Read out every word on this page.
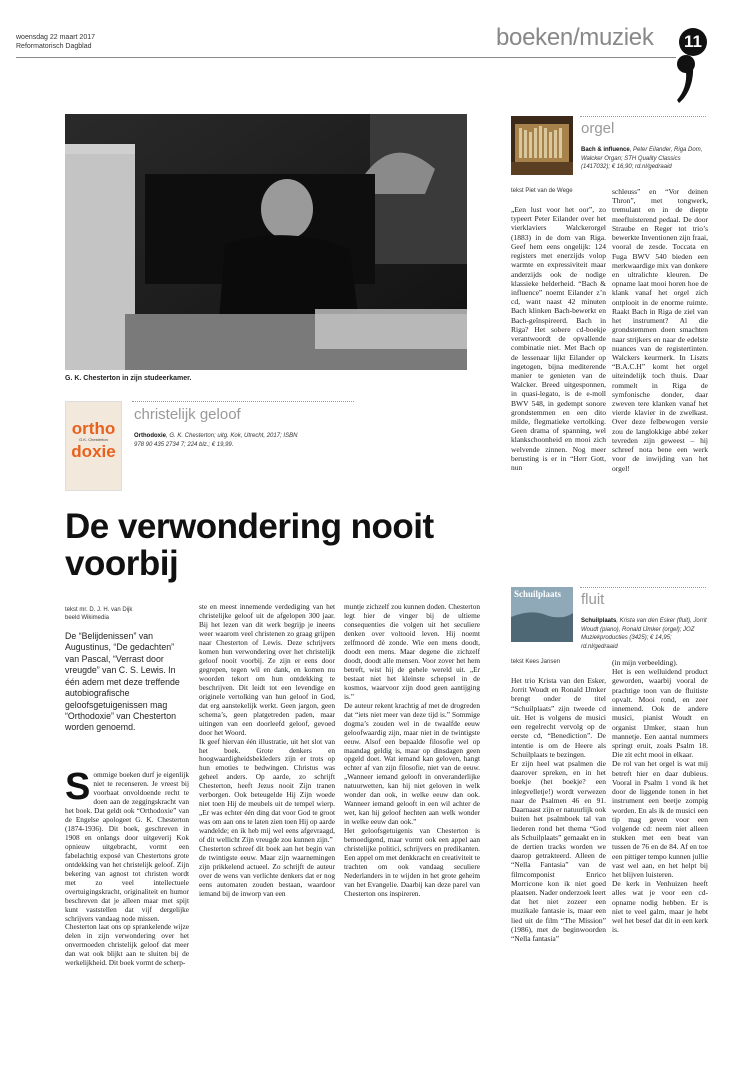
woensdag 22 maart 2017
Reformatorisch Dagblad	boeken/muziek 11
G. K. Chesterton in zijn studeerkamer.
ortho
G.K. Chesterton
doxie
christelijk geloof
Orthodoxie, G. K. Chesterton; uitg. Kok, Utrecht, 2017; ISBN 978 90 435 2734 7; 224 blz.; € 19,99.
De verwondering nooit voorbij
tekst mr. D. J. H. van Dijk
beeld Wikimedia
De “Belijdenissen” van Augustinus, “De gedachten” van Pascal, “Verrast door vreugde” van C. S. Lewis. In één adem met deze treffende autobiografische geloofsgetuigenissen mag “Orthodoxie” van Chesterton worden genoemd.
Sommige boeken durf je eigenlijk niet te recenseren. Je vreest bij voorbaat onvoldoende recht te doen aan de zeggingskracht van het boek. Dat geldt ook “Orthodoxie” van de Engelse apologeet G. K. Chesterton (1874-1936). Dit boek, geschreven in 1908 en onlangs door uitgeverij Kok opnieuw uitgebracht, vormt een fabelachtig exposé van Chestertons grote ontdekking van het christelijk geloof. Zijn bekering van agnost tot christen wordt met zo veel intellectuele overtuigingskracht, originaliteit en humor beschreven dat je alleen maar met spijt kunt vaststellen dat vijf dergelijke schrijvers vandaag node missen.
Chesterton laat ons op sprankelende wijze delen in zijn verwondering over het onvermoeden christelijk geloof dat meer dan wat ook blijkt aan te sluiten bij de werkelijkheid. Dit boek vormt de scherp-
ste en meest innemende verdediging van het christelijke geloof uit de afgelopen 300 jaar. Bij het lezen van dit werk begrijp je ineens weer waarom veel christenen zo graag grijpen naar Chesterton of Lewis. Deze schrijvers komen hun verwondering over het christelijk geloof nooit voorbij. Ze zijn er eens door gegrepen, tegen wil en dank, en komen nu woorden tekort om hun ontdekking te beschrijven. Dit leidt tot een levendige en originele vertolking van hun geloof in God, dat erg aanstekelijk werkt. Geen jargon, geen schema’s, geen platgetreden paden, maar uitingen van een doorleefd geloof, gevoed door het Woord.
Ik geef hiervan één illustratie, uit het slot van het boek. Grote denkers en hoogwaardigheidsbekleders zijn er trots op hun emoties te bedwingen. Christus was geheel anders. Op aarde, zo schrijft Chesterton, heeft Jezus nooit Zijn tranen verborgen. Ook beteugelde Hij Zijn woede niet toen Hij de meubels uit de tempel wierp. „Er was echter één ding dat voor God te groot was om aan ons te laten zien toen Hij op aarde wandelde; en ik heb mij wel eens afgevraagd, of dit wellicht Zijn vreugde zou kunnen zijn.”
Chesterton schreef dit boek aan het begin van de twintigste eeuw. Maar zijn waarnemingen zijn prikkelend actueel. Zo schrijft de auteur over de wens van verlichte denkers dat er nog eens automaten zouden bestaan, waardoor iemand bij de inworp van een
muntje zichzelf zou kunnen doden. Chesterton legt hier de vinger bij de ultieme consequenties die volgen uit het seculiere denken over voltooid leven. Hij noemt zelfmoord dé zonde. Wie een mens doodt, doodt een mens. Maar degene die zichzelf doodt, doodt alle mensen. Voor zover het hem betreft, wist hij de gehele wereld uit. „Er bestaat niet het kleinste schepsel in de kosmos, waarvoor zijn dood geen aantijging is.”
De auteur rekent krachtig af met de drogreden dat “iets niet meer van deze tijd is.” Sommige dogma’s zouden wel in de twaalfde eeuw geloofwaardig zijn, maar niet in de twintigste eeuw. Alsof een bepaalde filosofie wel op maandag geldig is, maar op dinsdagen geen opgeld doet. Wat iemand kan geloven, hangt echter af van zijn filosofie, niet van de eeuw. „Wanneer iemand gelooft in onveranderlijke natuurwetten, kan hij niet geloven in welk wonder dan ook, in welke eeuw dan ook. Wanneer iemand gelooft in een wil achter de wet, kan hij geloof hechten aan welk wonder in welke eeuw dan ook.”
Het geloofsgetuigenis van Chesterton is bemoedigend, maar vormt ook een appel aan christelijke politici, schrijvers en predikanten. Een appel om met denkkracht en creativiteit te trachten om ook vandaag seculiere Nederlanders in te wijden in het grote geheim van het Evangelie. Daarbij kan deze parel van Chesterton ons inspireren.
orgel
Bach & influence, Peter Eilander, Riga Dom, Walcker Organ; STH Quality Classics (1417032); € 16,90; rd.nl/gedraaid
tekst Piet van de Wege
„Een lust voor het oor”, zo typeert Peter Eilander over het vierklaviers Walckerorgel (1883) in de dom van Riga. Geef hem eens ongelijk: 124 registers met enerzijds volop warmte en expressiviteit maar anderzijds ook de nodige klassieke helderheid. “Bach & influence” noemt Eilander z’n cd, want naast 42 minuten Bach klinken Bach-bewerkt en Bach-geïnspireerd. Bach in Riga? Het sobere cd-boekje verantwoordt de opvallende combinatie niet. Met Bach op de lessenaar lijkt Eilander op ingetogen, bijna mediterende manier te genieten van de Walcker. Breed uitgesponnen, in quasi-legato, is de e-moll BWV 548, in gedempt sonore grondstemmen en een dito milde, flegmatieke vertolking. Geen drama of spanning, wel klankschoonheid en mooi zich welvende zinnen. Nog meer berusting is er in “Herr Gott, nun
schleuss” en “Vor deinen Thron”, met tongwerk, tremulant en in de diepte meefluisterend pedaal. De door Straube en Reger tot trio’s bewerkte Inventionen zijn fraai, vooral de zesde. Toccata en Fuga BWV 540 bieden een merkwaardige mix van donkere en ultralichte kleuren. De opname laat mooi horen hoe de klank vanaf het orgel zich ontplooit in de enorme ruimte. Raakt Bach in Riga de ziel van het instrument? Al die grondstemmen doen smachten naar strijkers en naar de edelste nuances van de registertinten. Walckers keurmerk. In Liszts “B.A.C.H” komt het orgel uiteindelijk toch thuis. Daar rommelt in Riga de symfonische donder, daar zweven tere klanken vanaf het vierde klavier in de zwelkast. Over deze felbewogen versie zou de langlokkige abbé zeker tevreden zijn geweest – hij schreef nota bene een werk voor de inwijding van het orgel!
Schuilplaats fluit
Schuilplaats, Krista van den Esker (fluit), Jorrit Woudt (piano), Ronald IJmker (orgel); JOZ Muziekproducties (3425); € 14,95; rd.nl/gedraaid
tekst Kees Jansen
Het trio Krista van den Esker, Jorrit Woudt en Ronald IJmker brengt onder de titel “Schuilplaats” zijn tweede cd uit. Het is volgens de musici een regelrecht vervolg op de eerste cd, “Benediction”. De intentie is om de Heere als Schuilplaats te bezingen.
Er zijn heel wat psalmen die daarover spreken, en in het boekje (het boekje? een inlegvelletje!) wordt verwezen naar de Psalmen 46 en 91. Daarnaast zijn er natuurlijk ook buiten het psalmboek tal van liederen rond het thema “God als Schuilplaats” gemaakt en in de dertien tracks worden we daarop getrakteerd. Alleen de “Nella Fantasia” van de filmcomponist Enrico Morricone kon ik niet goed plaatsen. Nader onderzoek leert dat het niet zozeer een muzikale fantasie is, maar een lied uit de film “The Mission” (1986), met de beginwoorden “Nella fantasia”
(in mijn verbeelding).
Het is een welluidend product geworden, waarbij vooral de prachtige toon van de fluitiste opvalt. Mooi rond, en zeer innemend. Ook de andere musici, pianist Woudt en organist IJmker, staan hun mannetje. Een aantal nummers springt eruit, zoals Psalm 18. Die zit echt mooi in elkaar.
De rol van het orgel is wat mij betreft hier en daar dubieus. Vooral in Psalm 1 vond ik het door de liggende tonen in het instrument een beetje zompig worden. En als ik de musici een tip mag geven voor een volgende cd: neem niet alleen stukken met een beat van tussen de 76 en de 84. Af en toe een pittiger tempo kunnen jullie vast wel aan, en het helpt bij het blijven luisteren.
De kerk in Venhuizen heeft alles wat je voor een cd-opname nodig hebben. Er is niet te veel galm, maar je hebt wel het besef dat dit in een kerk is.
